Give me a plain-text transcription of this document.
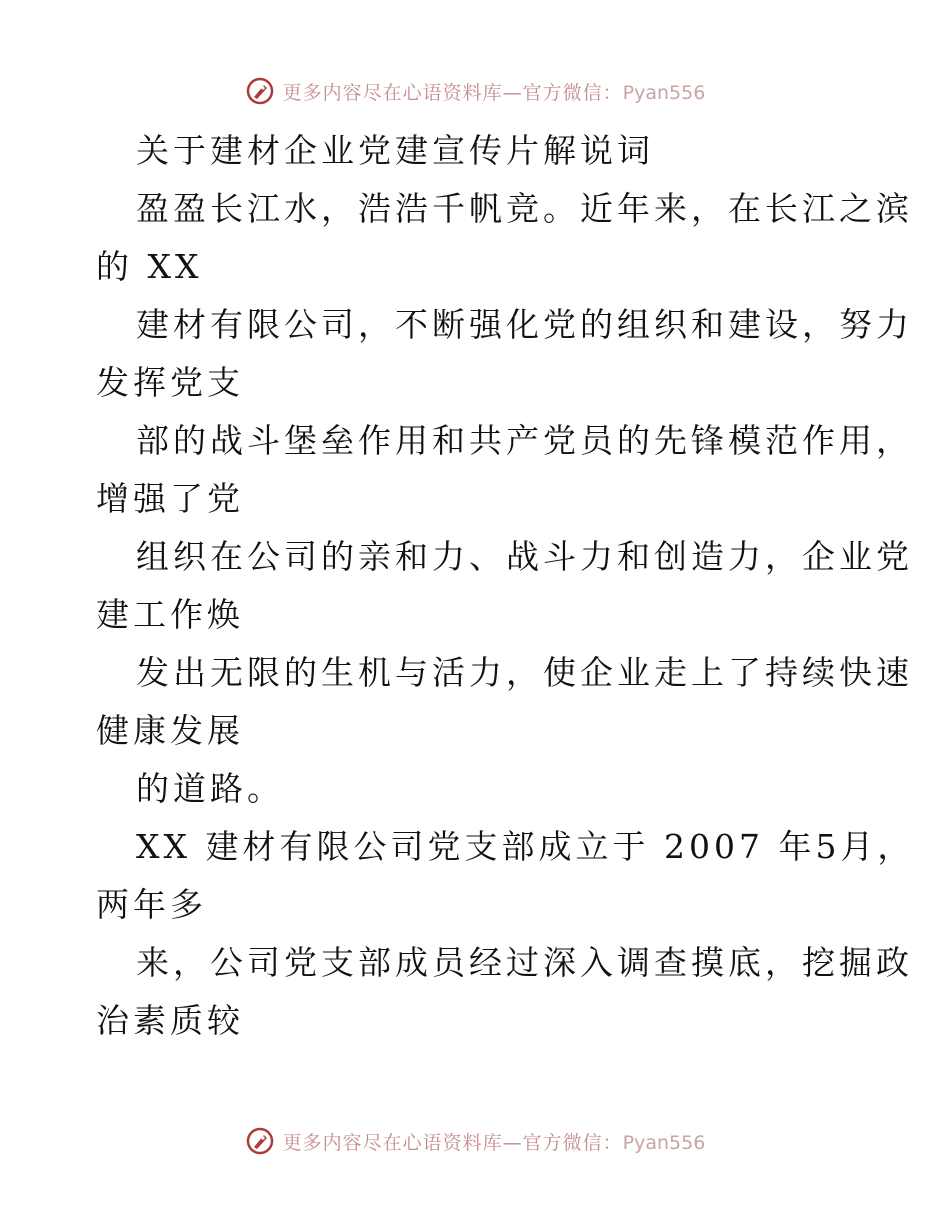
更多内容尽在心语资料库—官方微信：Pyan556
关于建材企业党建宣传片解说词
盈盈长江水，浩浩千帆竞。近年来，在长江之滨
的 XX
建材有限公司，不断强化党的组织和建设，努力
发挥党支
部的战斗堡垒作用和共产党员的先锋模范作用，
增强了党
组织在公司的亲和力、战斗力和创造力，企业党
建工作焕
发出无限的生机与活力，使企业走上了持续快速
健康发展
的道路。
XX 建材有限公司党支部成立于 2007 年5月，
两年多
来，公司党支部成员经过深入调查摸底，挖掘政
治素质较
更多内容尽在心语资料库—官方微信：Pyan556
